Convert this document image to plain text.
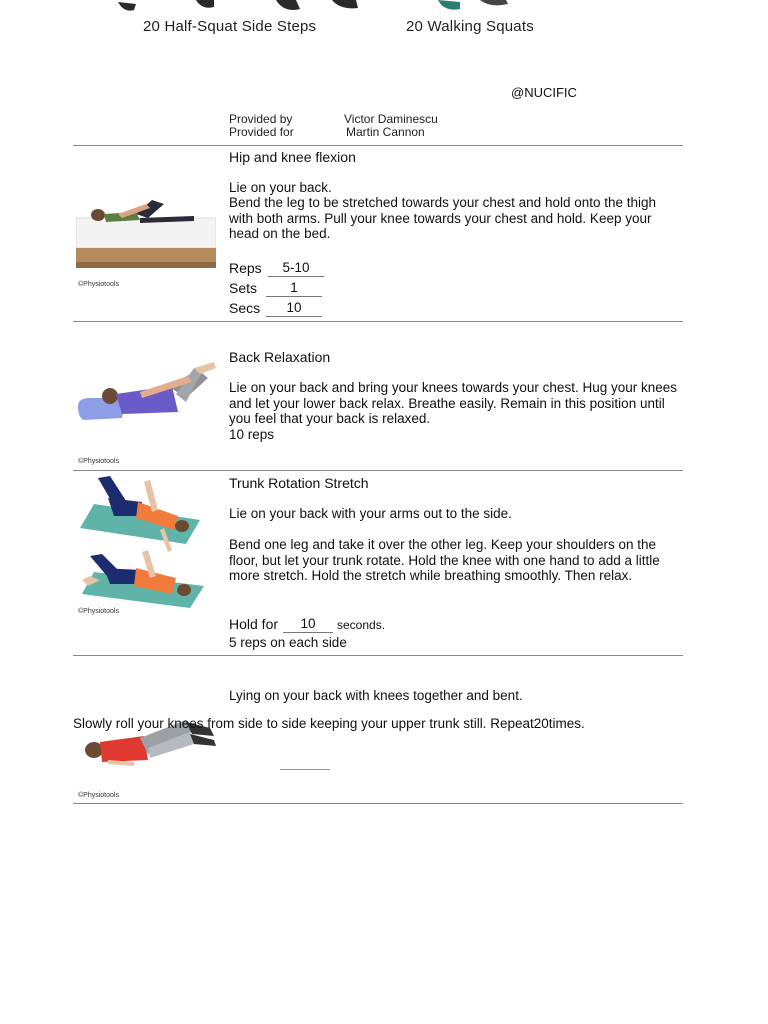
20 Half-Squat Side Steps	20 Walking Squats
@NUCIFIC
Provided by	Victor Daminescu
Provided for	Martin Cannon
©Physiotools
Hip and knee flexion
Lie on your back.
Bend the leg to be stretched towards your chest and hold onto the thigh with both arms. Pull your knee towards your chest and hold. Keep your head on the bed.
Reps	5-10
Sets	1
Secs	10
©Physiotools
Back Relaxation
Lie on your back and bring your knees towards your chest. Hug your knees and let your lower back relax. Breathe easily. Remain in this position until you feel that your back is relaxed.
10 reps
©Physiotools
Trunk Rotation Stretch
Lie on your back with your arms out to the side.
Bend one leg and take it over the other leg. Keep your shoulders on the floor, but let your trunk rotate. Hold the knee with one hand to add a little more stretch. Hold the stretch while breathing smoothly. Then relax.
Hold for	10	seconds.
5 reps on each side
©Physiotools
Lying on your back with knees together and bent.
Slowly roll your knees from side to side keeping your upper trunk still. Repeat20times.
